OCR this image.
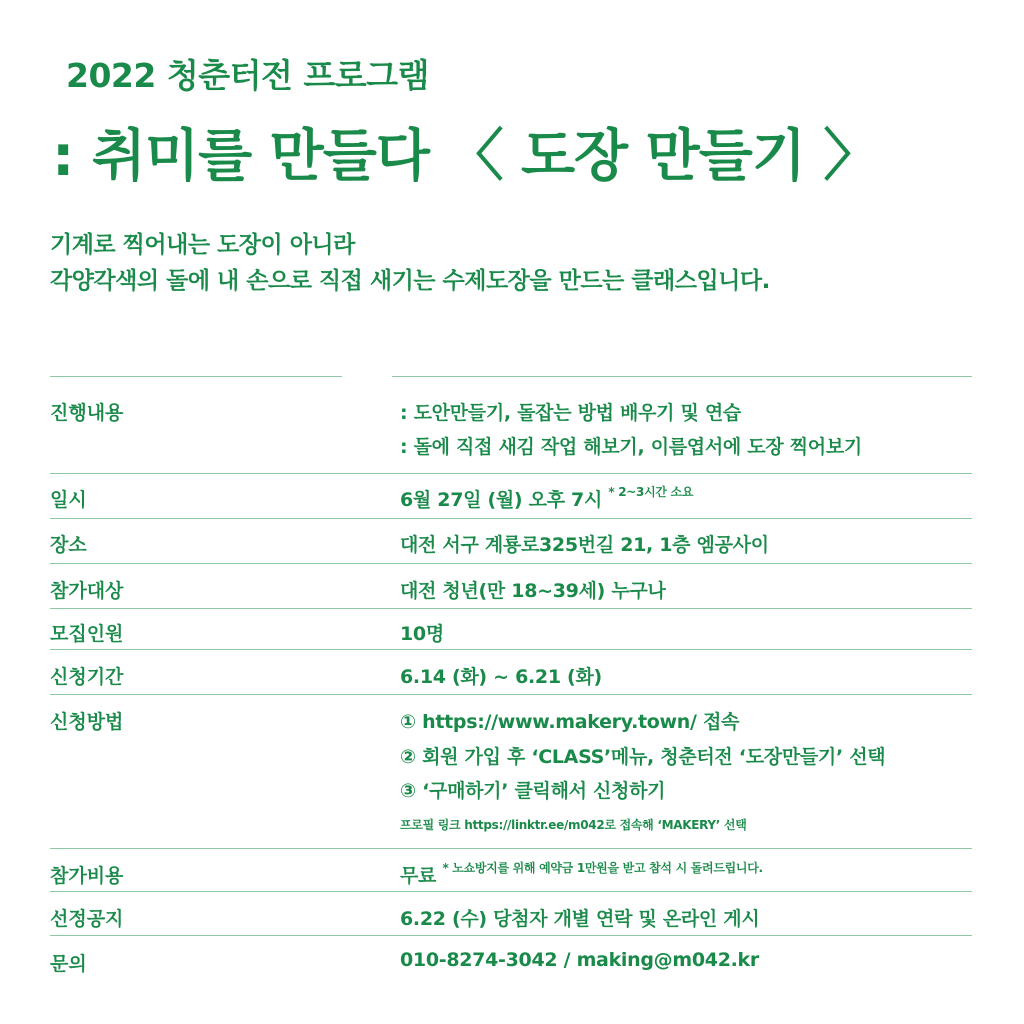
2022 청춘터전 프로그램
: 취미를 만들다 〈 도장 만들기 〉
기계로 찍어내는 도장이 아니라
각양각색의 돌에 내 손으로 직접 새기는 수제도장을 만드는 클래스입니다.
진행내용	: 도안만들기, 돌잡는 방법 배우기 및 연습
: 돌에 직접 새김 작업 해보기, 이름엽서에 도장 찍어보기
일시	6월 27일 (월) 오후 7시 $^{* 2\sim 3시간 소요}$
장소	대전 서구 계룡로325번길 21, 1층 엠공사이
참가대상	대전 청년(만 18~39세) 누구나
모집인원	10명
신청기간	6.14 (화) ~ 6.21 (화)
신청방법	① https://www.makery.town/ 접속
② 회원 가입 후 ‘CLASS’메뉴, 청춘터전 ‘도장만들기’ 선택
③ ‘구매하기’ 클릭해서 신청하기
프로필 링크 https://linktr.ee/m042로 접속해 ‘MAKERY’ 선택
참가비용	무료 $^{* 노쇼방지를 위해 예약금 1만원을 받고 참석 시 돌려드립니다.}$
선정공지	6.22 (수) 당첨자 개별 연락 및 온라인 게시
문의	010-8274-3042 / making@m042.kr
